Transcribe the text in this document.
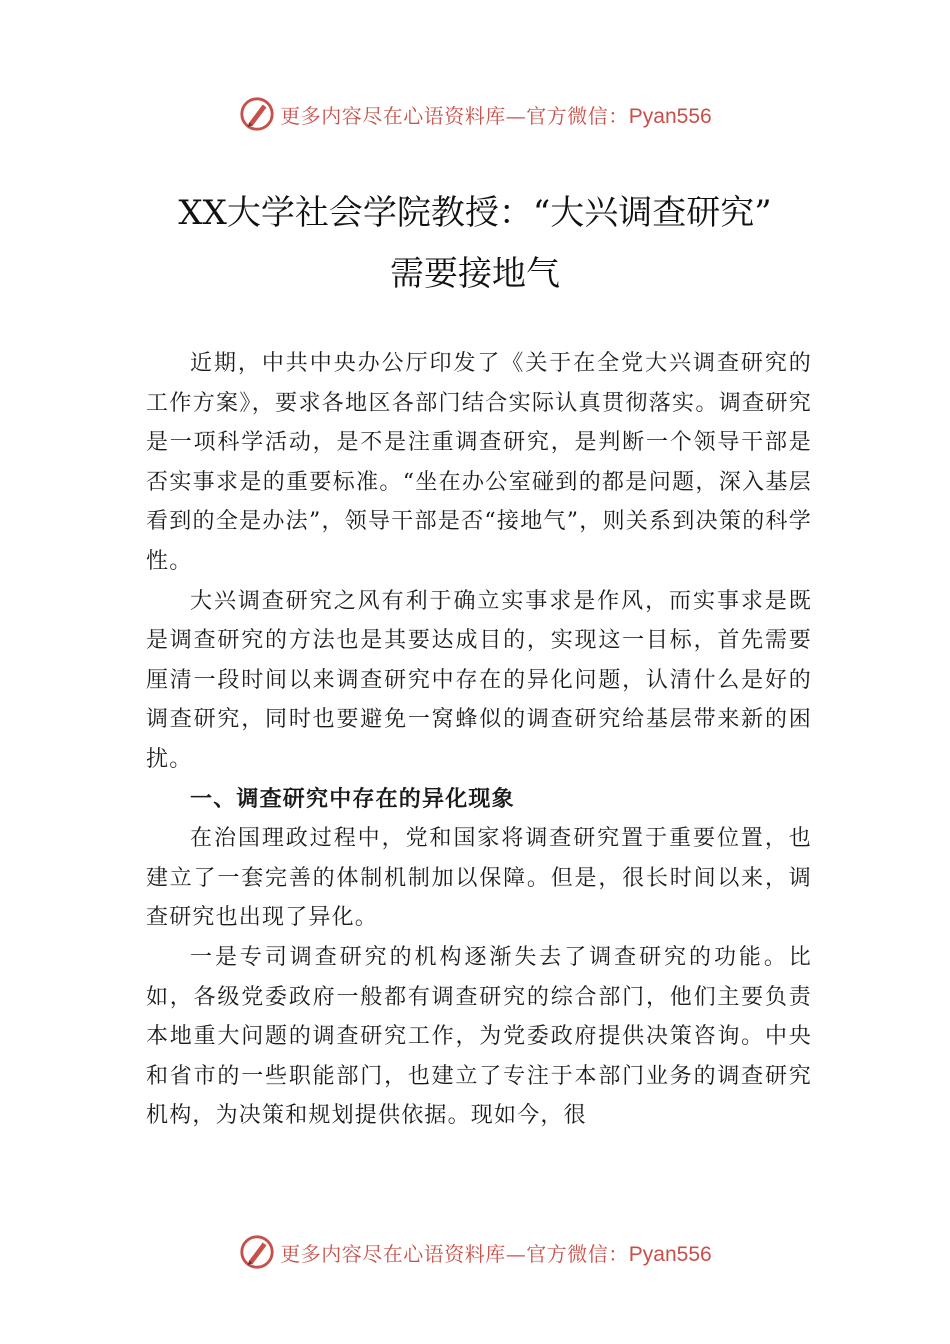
更多内容尽在心语资料库—官方微信：Pyan556
XX大学社会学院教授：“大兴调查研究”
需要接地气

近期，中共中央办公厅印发了《关于在全党大兴调查研究的工作方案》，要求各地区各部门结合实际认真贯彻落实。调查研究是一项科学活动，是不是注重调查研究，是判断一个领导干部是否实事求是的重要标准。“坐在办公室碰到的都是问题，深入基层看到的全是办法”，领导干部是否“接地气”，则关系到决策的科学性。

大兴调查研究之风有利于确立实事求是作风，而实事求是既是调查研究的方法也是其要达成目的，实现这一目标，首先需要厘清一段时间以来调查研究中存在的异化问题，认清什么是好的调查研究，同时也要避免一窝蜂似的调查研究给基层带来新的困扰。

一、调查研究中存在的异化现象

在治国理政过程中，党和国家将调查研究置于重要位置，也建立了一套完善的体制机制加以保障。但是，很长时间以来，调查研究也出现了异化。

一是专司调查研究的机构逐渐失去了调查研究的功能。比如，各级党委政府一般都有调查研究的综合部门，他们主要负责本地重大问题的调查研究工作，为党委政府提供决策咨询。中央和省市的一些职能部门，也建立了专注于本部门业务的调查研究机构，为决策和规划提供依据。现如今，很

更多内容尽在心语资料库—官方微信：Pyan556
